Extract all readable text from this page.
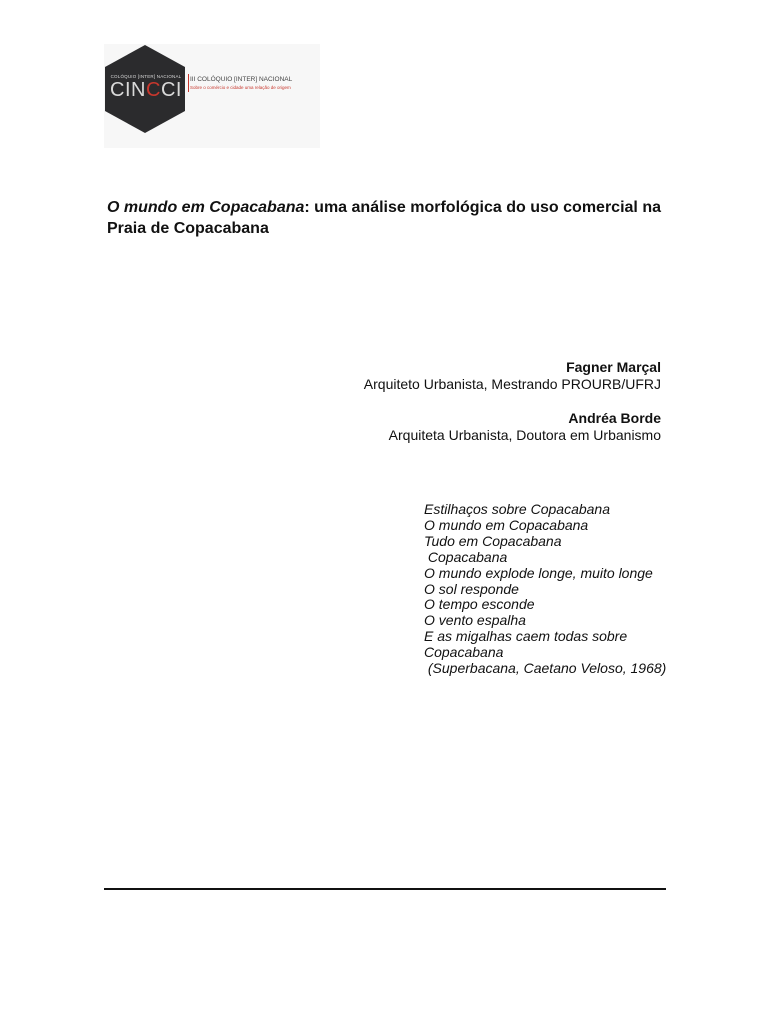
COLÓQUIO [INTER] NACIONAL
CINCCI	III COLÓQUIO [INTER] NACIONAL
Sobre o comércio e cidade uma relação de origem
O mundo em Copacabana: uma análise morfológica do uso comercial na Praia de Copacabana
Fagner Marçal
Arquiteto Urbanista, Mestrando PROURB/UFRJ
Andréa Borde
Arquiteta Urbanista, Doutora em Urbanismo
Estilhaços sobre Copacabana
O mundo em Copacabana
Tudo em Copacabana
Copacabana
O mundo explode longe, muito longe
O sol responde
O tempo esconde
O vento espalha
E as migalhas caem todas sobre
Copacabana
(Superbacana, Caetano Veloso, 1968)
